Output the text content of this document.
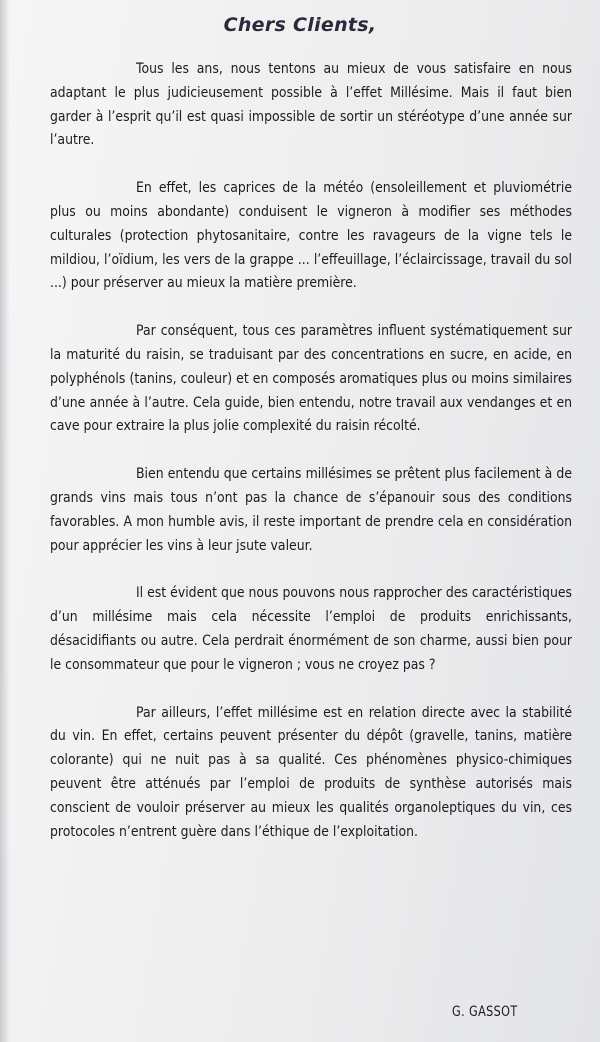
Chers Clients,

Tous les ans, nous tentons au mieux de vous satisfaire en nous adaptant le plus judicieusement possible à l’effet Millésime. Mais il faut bien garder à l’esprit qu’il est quasi impossible de sortir un stéréotype d’une année sur l’autre.

En effet, les caprices de la météo (ensoleillement et pluviométrie plus ou moins abondante) conduisent le vigneron à modifier ses méthodes culturales (protection phytosanitaire, contre les ravageurs de la vigne tels le mildiou, l’oïdium, les vers de la grappe ... l’effeuillage, l’éclaircissage, travail du sol ...) pour préserver au mieux la matière première.

Par conséquent, tous ces paramètres influent systématiquement sur la maturité du raisin, se traduisant par des concentrations en sucre, en acide, en polyphénols (tanins, couleur) et en composés aromatiques plus ou moins similaires d’une année à l’autre. Cela guide, bien entendu, notre travail aux vendanges et en cave pour extraire la plus jolie complexité du raisin récolté.

Bien entendu que certains millésimes se prêtent plus facilement à de grands vins mais tous n’ont pas la chance de s’épanouir sous des conditions favorables. A mon humble avis, il reste important de prendre cela en considération pour apprécier les vins à leur jsute valeur.

Il est évident que nous pouvons nous rapprocher des caractéristiques d’un millésime mais cela nécessite l’emploi de produits enrichissants, désacidifiants ou autre. Cela perdrait énormément de son charme, aussi bien pour le consommateur que pour le vigneron ; vous ne croyez pas ?

Par ailleurs, l’effet millésime est en relation directe avec la stabilité du vin. En effet, certains peuvent présenter du dépôt (gravelle, tanins, matière colorante) qui ne nuit pas à sa qualité. Ces phénomènes physico-chimiques peuvent être atténués par l’emploi de produits de synthèse autorisés mais conscient de vouloir préserver au mieux les qualités organoleptiques du vin, ces protocoles n’entrent guère dans l’éthique de l’exploitation.

G. GASSOT
